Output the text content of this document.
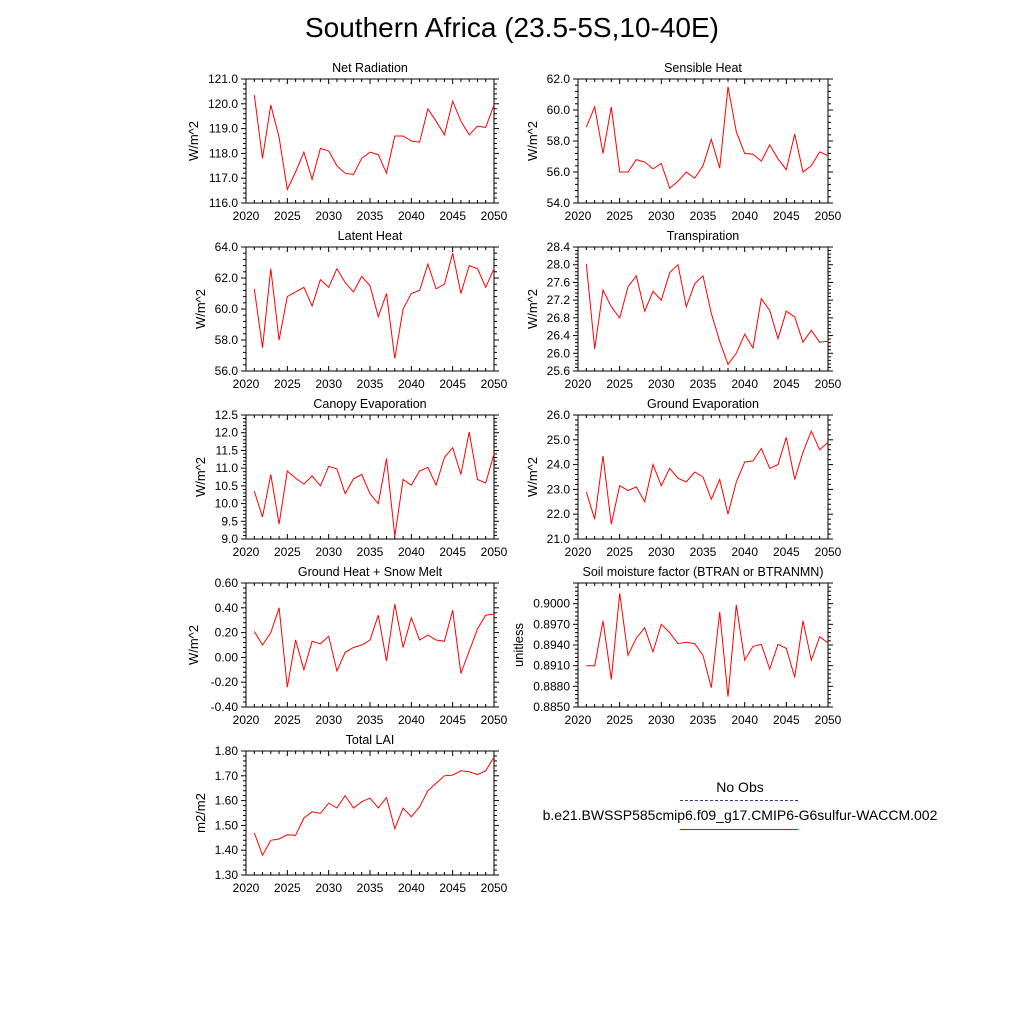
Southern Africa (23.5-5S,10-40E)
2020 2025 2030 2035 2040 2045 2050
116.0
117.0
118.0
119.0
120.0
121.0
W/m^2
Net Radiation
2020 2025 2030 2035 2040 2045 2050
54.0
56.0
58.0
60.0
62.0
W/m^2
Sensible Heat
2020 2025 2030 2035 2040 2045 2050
56.0
58.0
60.0
62.0
64.0
W/m^2
Latent Heat
2020 2025 2030 2035 2040 2045 2050
25.6
26.0
26.4
26.8
27.2
27.6
28.0
28.4
W/m^2
Transpiration
2020 2025 2030 2035 2040 2045 2050
9.0
9.5
10.0
10.5
11.0
11.5
12.0
12.5
W/m^2
Canopy Evaporation
2020 2025 2030 2035 2040 2045 2050
21.0
22.0
23.0
24.0
25.0
26.0
W/m^2
Ground Evaporation
2020 2025 2030 2035 2040 2045 2050
-0.40
-0.20
0.00
0.20
0.40
0.60
W/m^2
Ground Heat + Snow Melt
2020 2025 2030 2035 2040 2045 2050
0.8850
0.8880
0.8910
0.8940
0.8970
0.9000
unitless
Soil moisture factor (BTRAN or BTRANMN)
2020 2025 2030 2035 2040 2045 2050
1.30
1.40
1.50
1.60
1.70
1.80
m2/m2
Total LAI
No Obs
b.e21.BWSSP585cmip6.f09_g17.CMIP6-G6sulfur-WACCM.002
